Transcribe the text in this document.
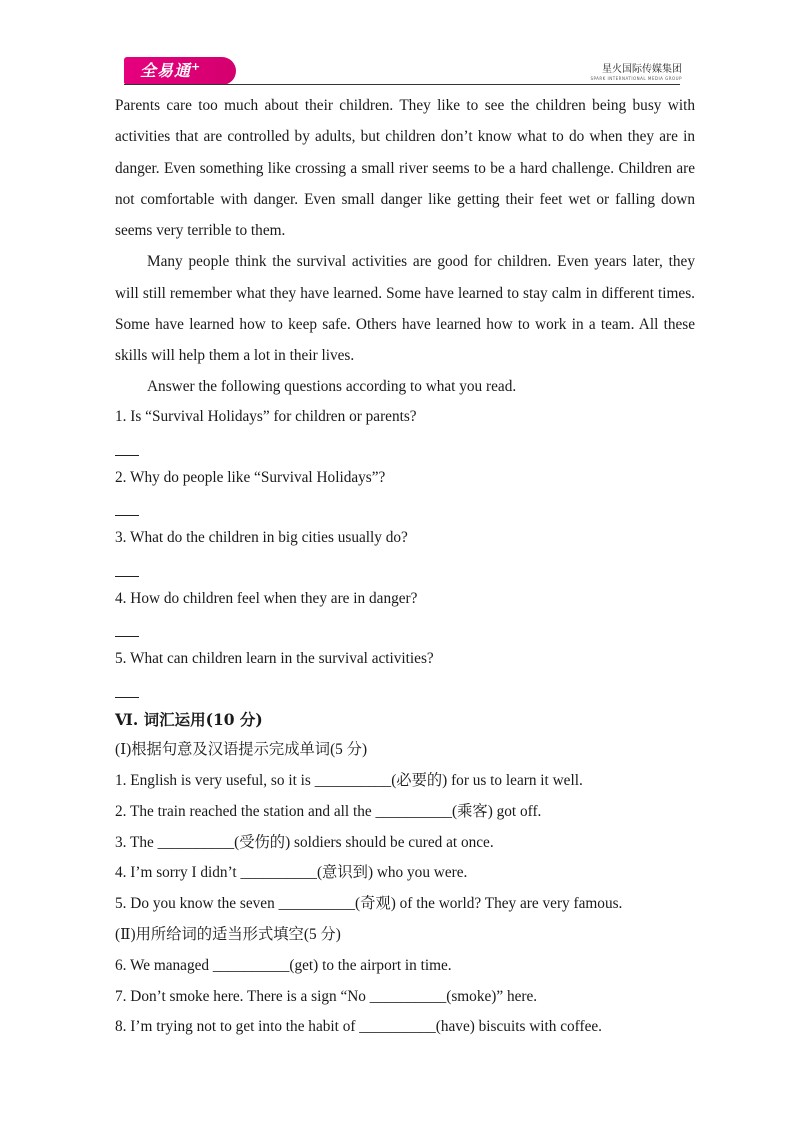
全易通+	星火国际传媒集团
SPARK INTERNATIONAL MEDIA GROUP

Parents care too much about their children. They like to see the children being busy with activities that are controlled by adults, but children don’t know what to do when they are in danger. Even something like crossing a small river seems to be a hard challenge. Children are not comfortable with danger. Even small danger like getting their feet wet or falling down seems very terrible to them.

Many people think the survival activities are good for children. Even years later, they will still remember what they have learned. Some have learned to stay calm in different times. Some have learned how to keep safe. Others have learned how to work in a team. All these skills will help them a lot in their lives.

Answer the following questions according to what you read.

1. Is “Survival Holidays” for children or parents?

2. Why do people like “Survival Holidays”?

3. What do the children in big cities usually do?

4. How do children feel when they are in danger?

5. What can children learn in the survival activities?

Ⅵ. 词汇运用(10 分)

(Ⅰ)根据句意及汉语提示完成单词(5 分)

1. English is very useful, so it is __________(必要的) for us to learn it well.

2. The train reached the station and all the __________(乘客) got off.

3. The __________(受伤的) soldiers should be cured at once.

4. I’m sorry I didn’t __________(意识到) who you were.

5. Do you know the seven __________(奇观) of the world? They are very famous.

(Ⅱ)用所给词的适当形式填空(5 分)

6. We managed __________(get) to the airport in time.

7. Don’t smoke here. There is a sign “No __________(smoke)” here.

8. I’m trying not to get into the habit of __________(have) biscuits with coffee.
